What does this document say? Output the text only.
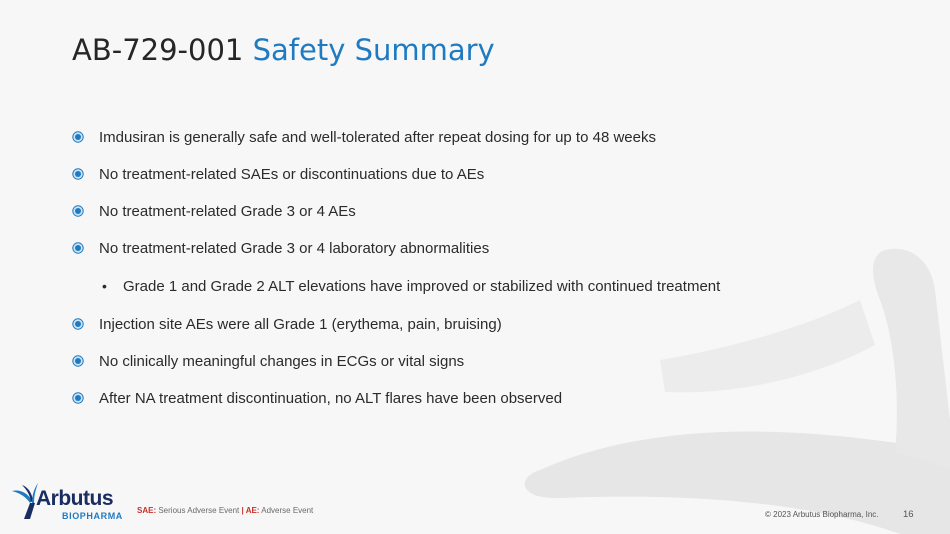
AB-729-001 Safety Summary
Imdusiran is generally safe and well-tolerated after repeat dosing for up to 48 weeks
No treatment-related SAEs or discontinuations due to AEs
No treatment-related Grade 3 or 4 AEs
No treatment-related Grade 3 or 4 laboratory abnormalities
•	Grade 1 and Grade 2 ALT elevations have improved or stabilized with continued treatment
Injection site AEs were all Grade 1 (erythema, pain, bruising)
No clinically meaningful changes in ECGs or vital signs
After NA treatment discontinuation, no ALT flares have been observed
Arbutus
BIOPHARMA
SAE: Serious Adverse Event | AE: Adverse Event	© 2023 Arbutus Biopharma, Inc.	16
